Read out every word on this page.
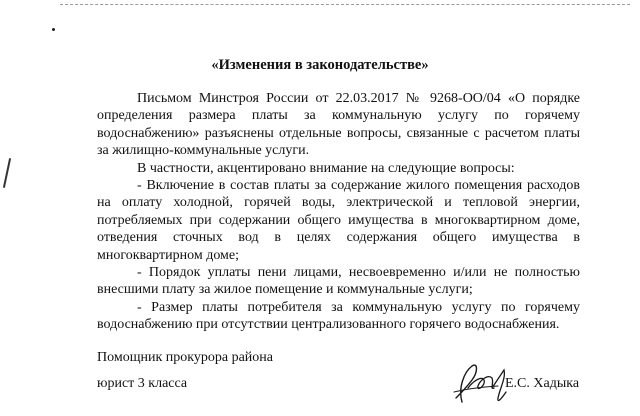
«Изменения в законодательстве»

Письмом Минстроя России от 22.03.2017 № 9268-ОО/04 «О порядке определения размера платы за коммунальную услугу по горячему водоснабжению» разъяснены отдельные вопросы, связанные с расчетом платы за жилищно-коммунальные услуги.

В частности, акцентировано внимание на следующие вопросы:

- Включение в состав платы за содержание жилого помещения расходов на оплату холодной, горячей воды, электрической и тепловой энергии, потребляемых при содержании общего имущества в многоквартирном доме, отведения сточных вод в целях содержания общего имущества в многоквартирном доме;

- Порядок уплаты пени лицами, несвоевременно и/или не полностью внесшими плату за жилое помещение и коммунальные услуги;

- Размер платы потребителя за коммунальную услугу по горячему водоснабжению при отсутствии централизованного горячего водоснабжения.

Помощник прокурора района
юрист 3 класса	Е.С. Хадыка
